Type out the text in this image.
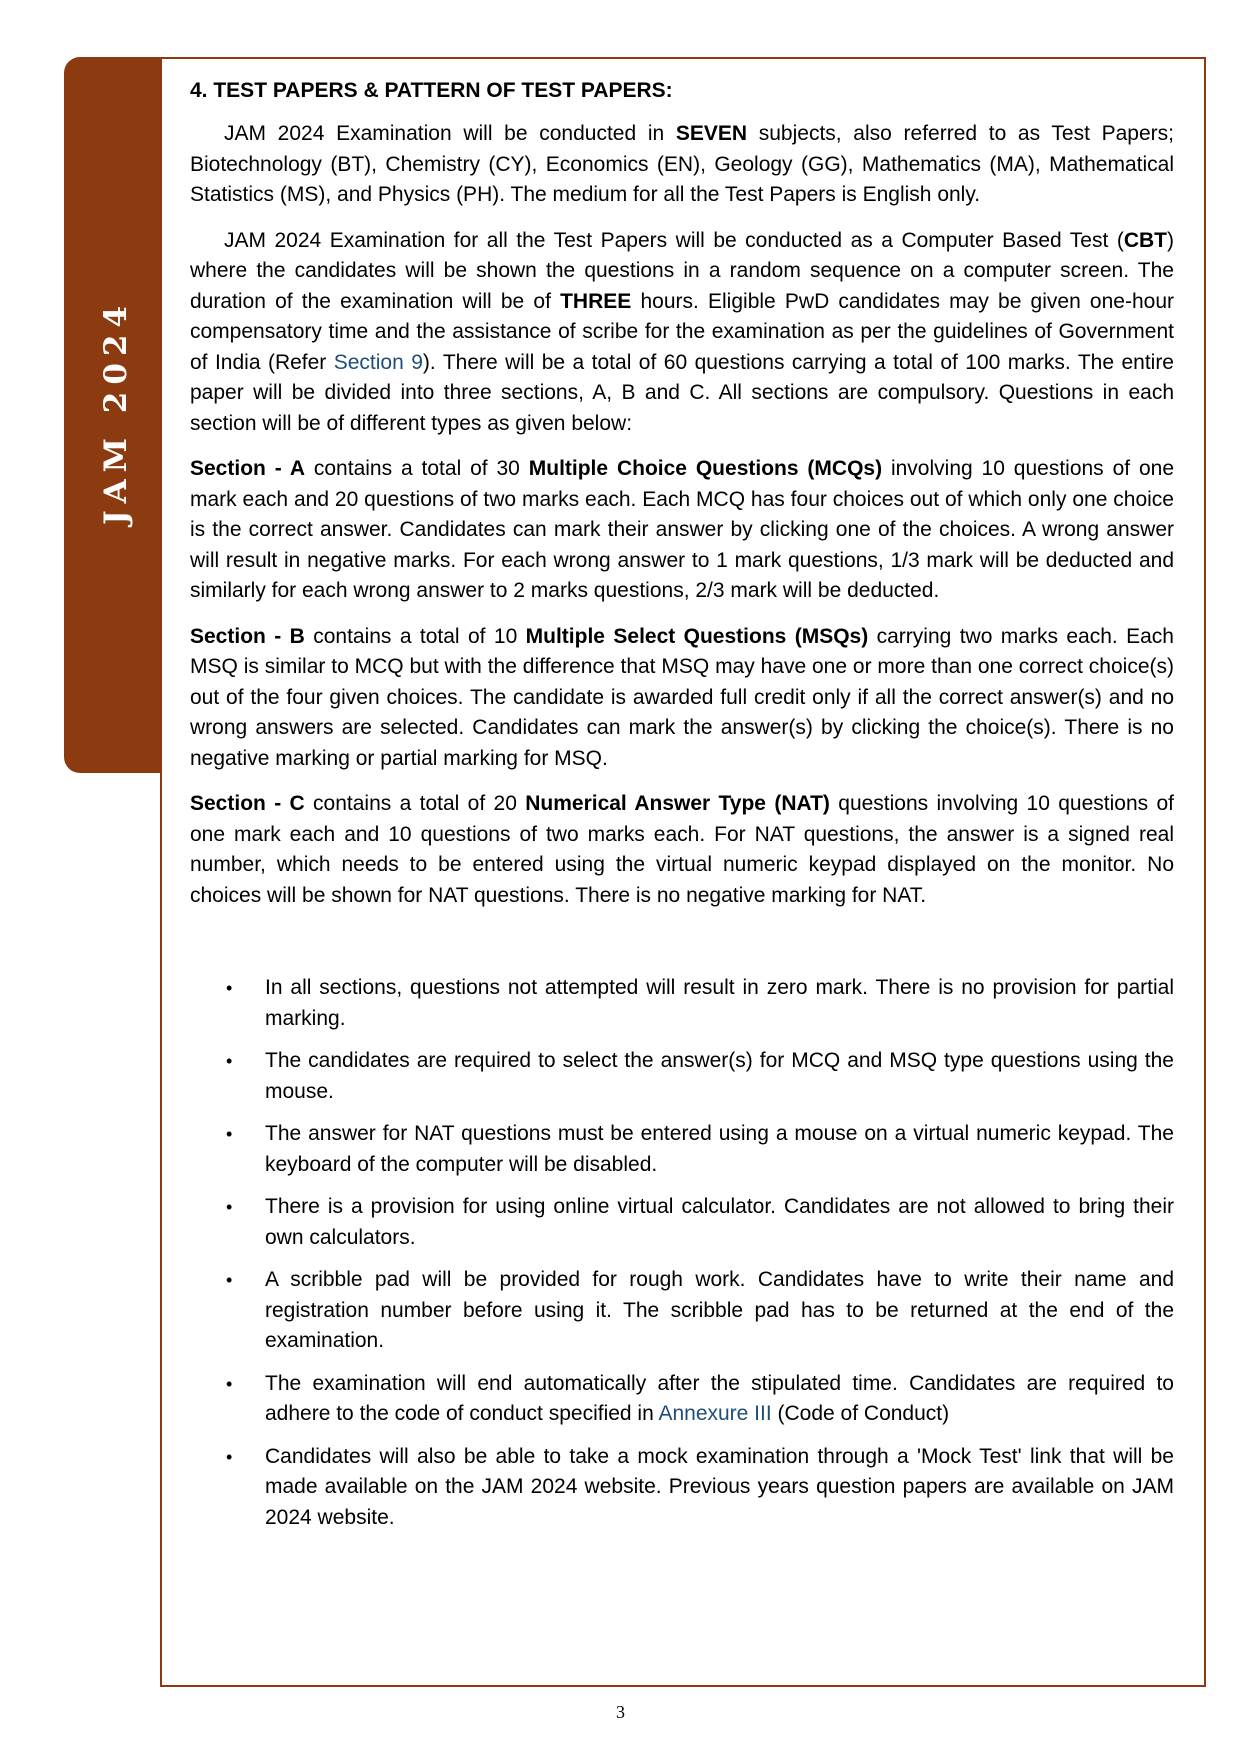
JAM 2024
4. TEST PAPERS & PATTERN OF TEST PAPERS:

JAM 2024 Examination will be conducted in SEVEN subjects, also referred to as Test Papers; Biotechnology (BT), Chemistry (CY), Economics (EN), Geology (GG), Mathematics (MA), Mathematical Statistics (MS), and Physics (PH). The medium for all the Test Papers is English only.

JAM 2024 Examination for all the Test Papers will be conducted as a Computer Based Test (CBT) where the candidates will be shown the questions in a random sequence on a computer screen. The duration of the examination will be of THREE hours. Eligible PwD candidates may be given one-hour compensatory time and the assistance of scribe for the examination as per the guidelines of Government of India (Refer Section 9). There will be a total of 60 questions carrying a total of 100 marks. The entire paper will be divided into three sections, A, B and C. All sections are compulsory. Questions in each section will be of different types as given below:

Section - A contains a total of 30 Multiple Choice Questions (MCQs) involving 10 questions of one mark each and 20 questions of two marks each. Each MCQ has four choices out of which only one choice is the correct answer. Candidates can mark their answer by clicking one of the choices. A wrong answer will result in negative marks. For each wrong answer to 1 mark questions, 1/3 mark will be deducted and similarly for each wrong answer to 2 marks questions, 2/3 mark will be deducted.

Section - B contains a total of 10 Multiple Select Questions (MSQs) carrying two marks each. Each MSQ is similar to MCQ but with the difference that MSQ may have one or more than one correct choice(s) out of the four given choices. The candidate is awarded full credit only if all the correct answer(s) and no wrong answers are selected. Candidates can mark the answer(s) by clicking the choice(s). There is no negative marking or partial marking for MSQ.

Section - C contains a total of 20 Numerical Answer Type (NAT) questions involving 10 questions of one mark each and 10 questions of two marks each. For NAT questions, the answer is a signed real number, which needs to be entered using the virtual numeric keypad displayed on the monitor. No choices will be shown for NAT questions. There is no negative marking for NAT.

• In all sections, questions not attempted will result in zero mark. There is no provision for partial marking.
• The candidates are required to select the answer(s) for MCQ and MSQ type questions using the mouse.
• The answer for NAT questions must be entered using a mouse on a virtual numeric keypad. The keyboard of the computer will be disabled.
• There is a provision for using online virtual calculator. Candidates are not allowed to bring their own calculators.
• A scribble pad will be provided for rough work. Candidates have to write their name and registration number before using it. The scribble pad has to be returned at the end of the examination.
• The examination will end automatically after the stipulated time. Candidates are required to adhere to the code of conduct specified in Annexure III (Code of Conduct)
• Candidates will also be able to take a mock examination through a 'Mock Test' link that will be made available on the JAM 2024 website. Previous years question papers are available on JAM 2024 website.
3
